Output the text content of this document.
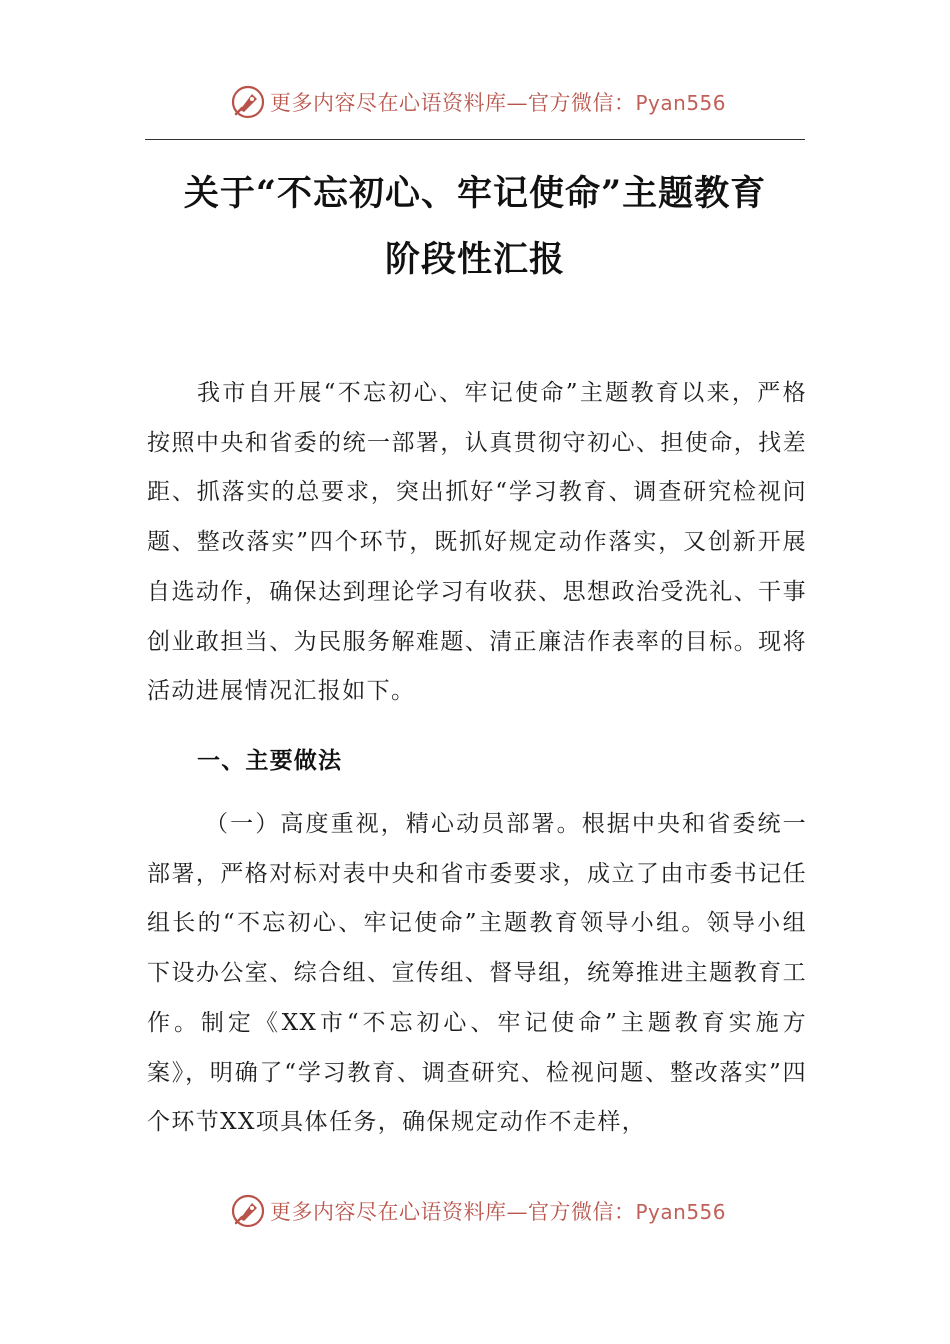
更多内容尽在心语资料库—官方微信：Pyan556
关于“不忘初心、牢记使命”主题教育
阶段性汇报

我市自开展“不忘初心、牢记使命”主题教育以来，严格按照中央和省委的统一部署，认真贯彻守初心、担使命，找差距、抓落实的总要求，突出抓好“学习教育、调查研究检视问题、整改落实”四个环节，既抓好规定动作落实，又创新开展自选动作，确保达到理论学习有收获、思想政治受洗礼、干事创业敢担当、为民服务解难题、清正廉洁作表率的目标。现将活动进展情况汇报如下。

一、主要做法

（一）高度重视，精心动员部署。根据中央和省委统一部署，严格对标对表中央和省市委要求，成立了由市委书记任组长的“不忘初心、牢记使命”主题教育领导小组。领导小组下设办公室、综合组、宣传组、督导组，统筹推进主题教育工作。制定《XX市“不忘初心、牢记使命”主题教育实施方案》，明确了“学习教育、调查研究、检视问题、整改落实”四个环节XX项具体任务，确保规定动作不走样，

更多内容尽在心语资料库—官方微信：Pyan556
